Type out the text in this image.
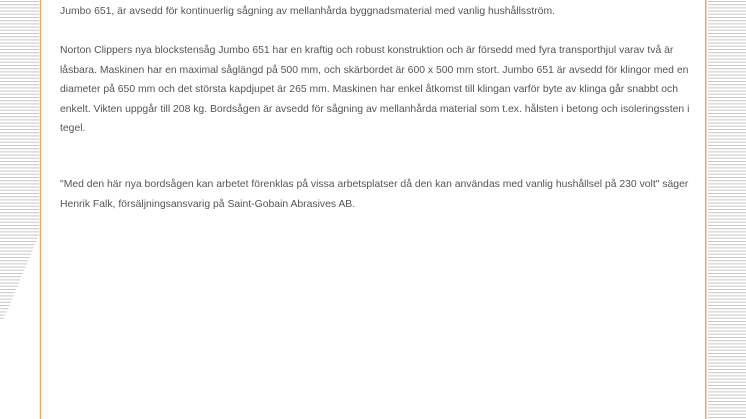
Jumbo 651, är avsedd för kontinuerlig sågning av mellanhårda byggnadsmaterial med vanlig hushållsström.

Norton Clippers nya blockstensåg Jumbo 651 har en kraftig och robust konstruktion och är försedd med fyra transporthjul varav två är låsbara. Maskinen har en maximal såglängd på 500 mm, och skärbordet är 600 x 500 mm stort. Jumbo 651 är avsedd för klingor med en diameter på 650 mm och det största kapdjupet är 265 mm. Maskinen har enkel åtkomst till klingan varför byte av klinga går snabbt och enkelt. Vikten uppgår till 208 kg. Bordsågen är avsedd för sågning av mellanhårda material som t.ex. hålsten i betong och isoleringssten i tegel.

"Med den här nya bordsågen kan arbetet förenklas på vissa arbetsplatser då den kan användas med vanlig hushållsel på 230 volt" säger Henrik Falk, försäljningsansvarig på Saint-Gobain Abrasives AB.
